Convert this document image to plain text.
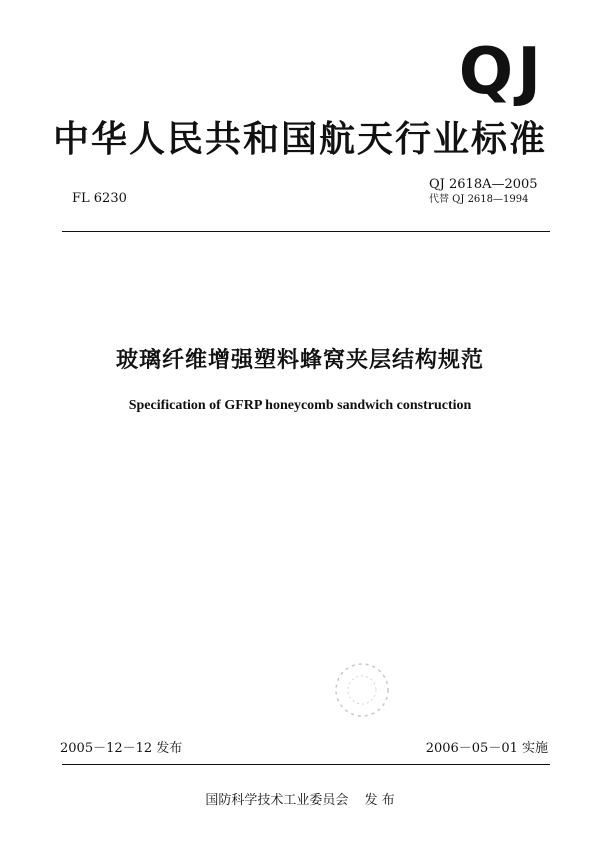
QJ
中华人民共和国航天行业标准
FL 6230
QJ 2618A—2005
代替 QJ 2618—1994
玻璃纤维增强塑料蜂窝夹层结构规范
Specification of GFRP honeycomb sandwich construction
2005－12－12 发布	2006－05－01 实施
国防科学技术工业委员会 发 布
